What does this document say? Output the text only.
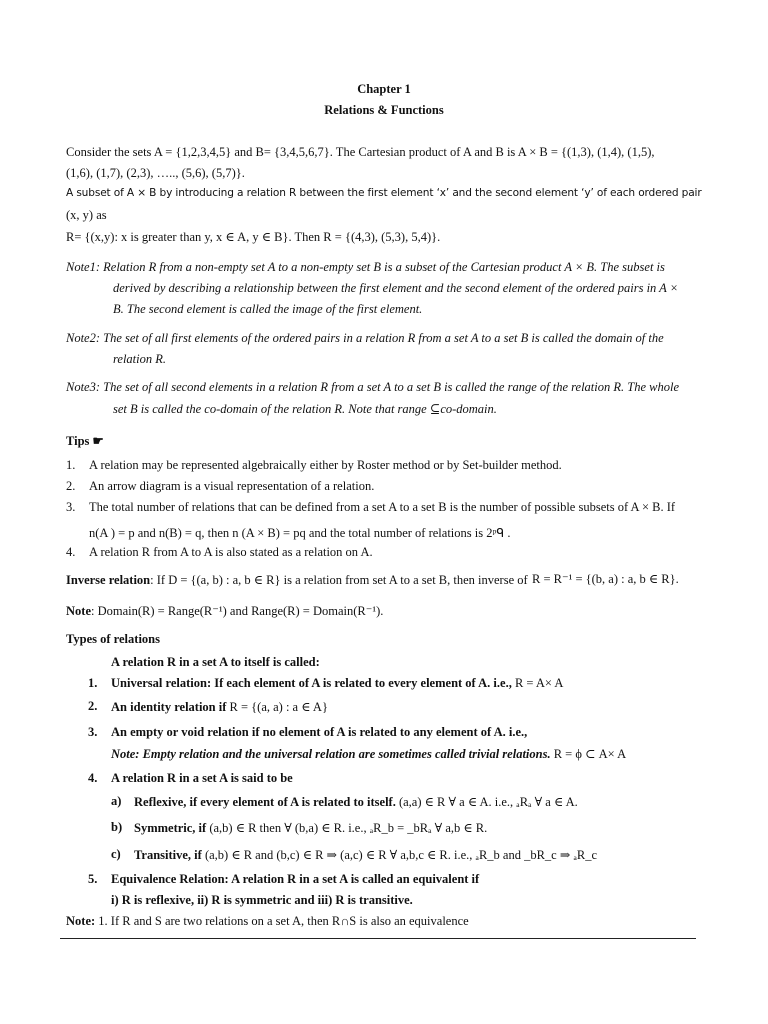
Chapter 1
Relations & Functions
Consider the sets A = {1,2,3,4,5} and B= {3,4,5,6,7}. The Cartesian product of A and B is A × B = {(1,3), (1,4), (1,5),
(1,6), (1,7), (2,3), ….., (5,6), (5,7)}.
A subset of A × B by introducing a relation R between the first element ‘x’ and the second element ‘y’ of each ordered pair
(x, y) as
R= {(x,y): x is greater than y, x ∈ A, y ∈ B}. Then R = {(4,3), (5,3), 5,4)}.
Note1: Relation R from a non-empty set A to a non-empty set B is a subset of the Cartesian product A × B. The subset is
derived by describing a relationship between the first element and the second element of the ordered pairs in A ×
B. The second element is called the image of the first element.
Note2: The set of all first elements of the ordered pairs in a relation R from a set A to a set B is called the domain of the
relation R.
Note3: The set of all second elements in a relation R from a set A to a set B is called the range of the relation R. The whole
set B is called the co-domain of the relation R. Note that range ⊆co-domain.
Tips ☛
1. A relation may be represented algebraically either by Roster method or by Set-builder method.
2. An arrow diagram is a visual representation of a relation.
3. The total number of relations that can be defined from a set A to a set B is the number of possible subsets of A × B. If
n(A ) = p and n(B) = q, then n (A × B) = pq and the total number of relations is 2ᵖᑫ .
4. A relation R from A to A is also stated as a relation on A.
Inverse relation: If D = {(a, b) : a, b ∈ R} is a relation from set A to a set B, then inverse of R = R⁻¹ = {(b, a) : a, b ∈ R}.
Note: Domain(R) = Range(R⁻¹) and Range(R) = Domain(R⁻¹).
Types of relations
A relation R in a set A to itself is called:
1. Universal relation: If each element of A is related to every element of A. i.e., R = A× A
2. An identity relation if R = {(a, a) : a ∈ A}
3. An empty or void relation if no element of A is related to any element of A. i.e.,
Note: Empty relation and the universal relation are sometimes called trivial relations. R = ϕ ⊂ A× A
4. A relation R in a set A is said to be
a) Reflexive, if every element of A is related to itself. (a,a) ∈ R ∀ a ∈ A. i.e., ₐRₐ ∀ a ∈ A.
b) Symmetric, if (a,b) ∈ R then ∀ (b,a) ∈ R. i.e., ₐR_b = _bRₐ ∀ a,b ∈ R.
c) Transitive, if (a,b) ∈ R and (b,c) ∈ R ⇒ (a,c) ∈ R ∀ a,b,c ∈ R. i.e., ₐR_b and _bR_c ⇒ ₐR_c
5. Equivalence Relation: A relation R in a set A is called an equivalent if
i) R is reflexive, ii) R is symmetric and iii) R is transitive.
Note: 1. If R and S are two relations on a set A, then R∩S is also an equivalence
